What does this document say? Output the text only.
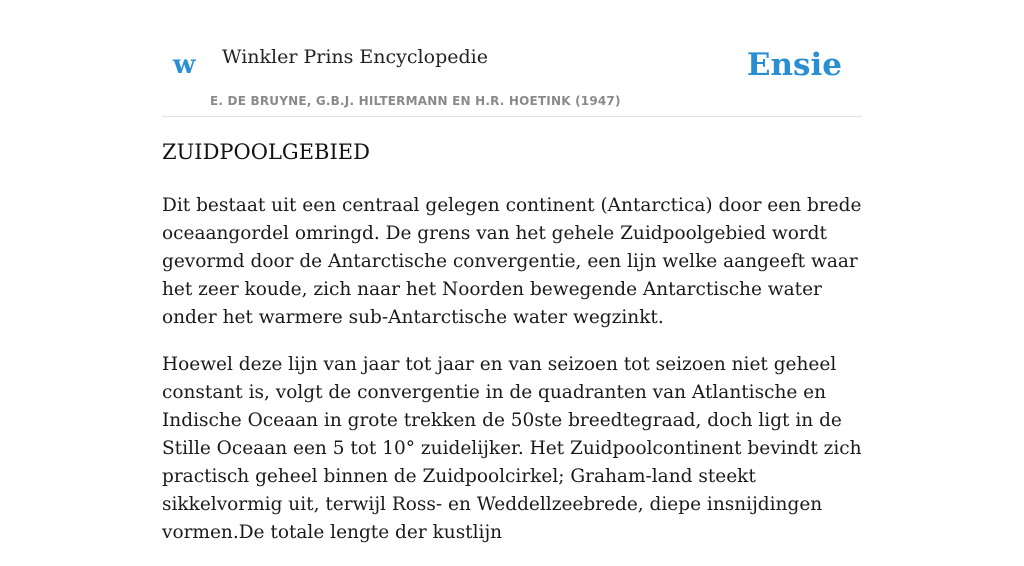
w Winkler Prins Encyclopedie
E. DE BRUYNE, G.B.J. HILTERMANN EN H.R. HOETINK (1947)
Ensie
ZUIDPOOLGEBIED

Dit bestaat uit een centraal gelegen continent (Antarctica) door een brede oceaangordel omringd. De grens van het gehele Zuidpoolgebied wordt gevormd door de Antarctische convergentie, een lijn welke aangeeft waar het zeer koude, zich naar het Noorden bewegende Antarctische water onder het warmere sub-Antarctische water wegzinkt.

Hoewel deze lijn van jaar tot jaar en van seizoen tot seizoen niet geheel constant is, volgt de convergentie in de quadranten van Atlantische en Indische Oceaan in grote trekken de 50ste breedtegraad, doch ligt in de Stille Oceaan een 5 tot 10° zuidelijker. Het Zuidpoolcontinent bevindt zich practisch geheel binnen de Zuidpoolcirkel; Graham-land steekt sikkelvormig uit, terwijl Ross- en Weddellzeebrede, diepe insnijdingen vormen.De totale lengte der kustlijn
